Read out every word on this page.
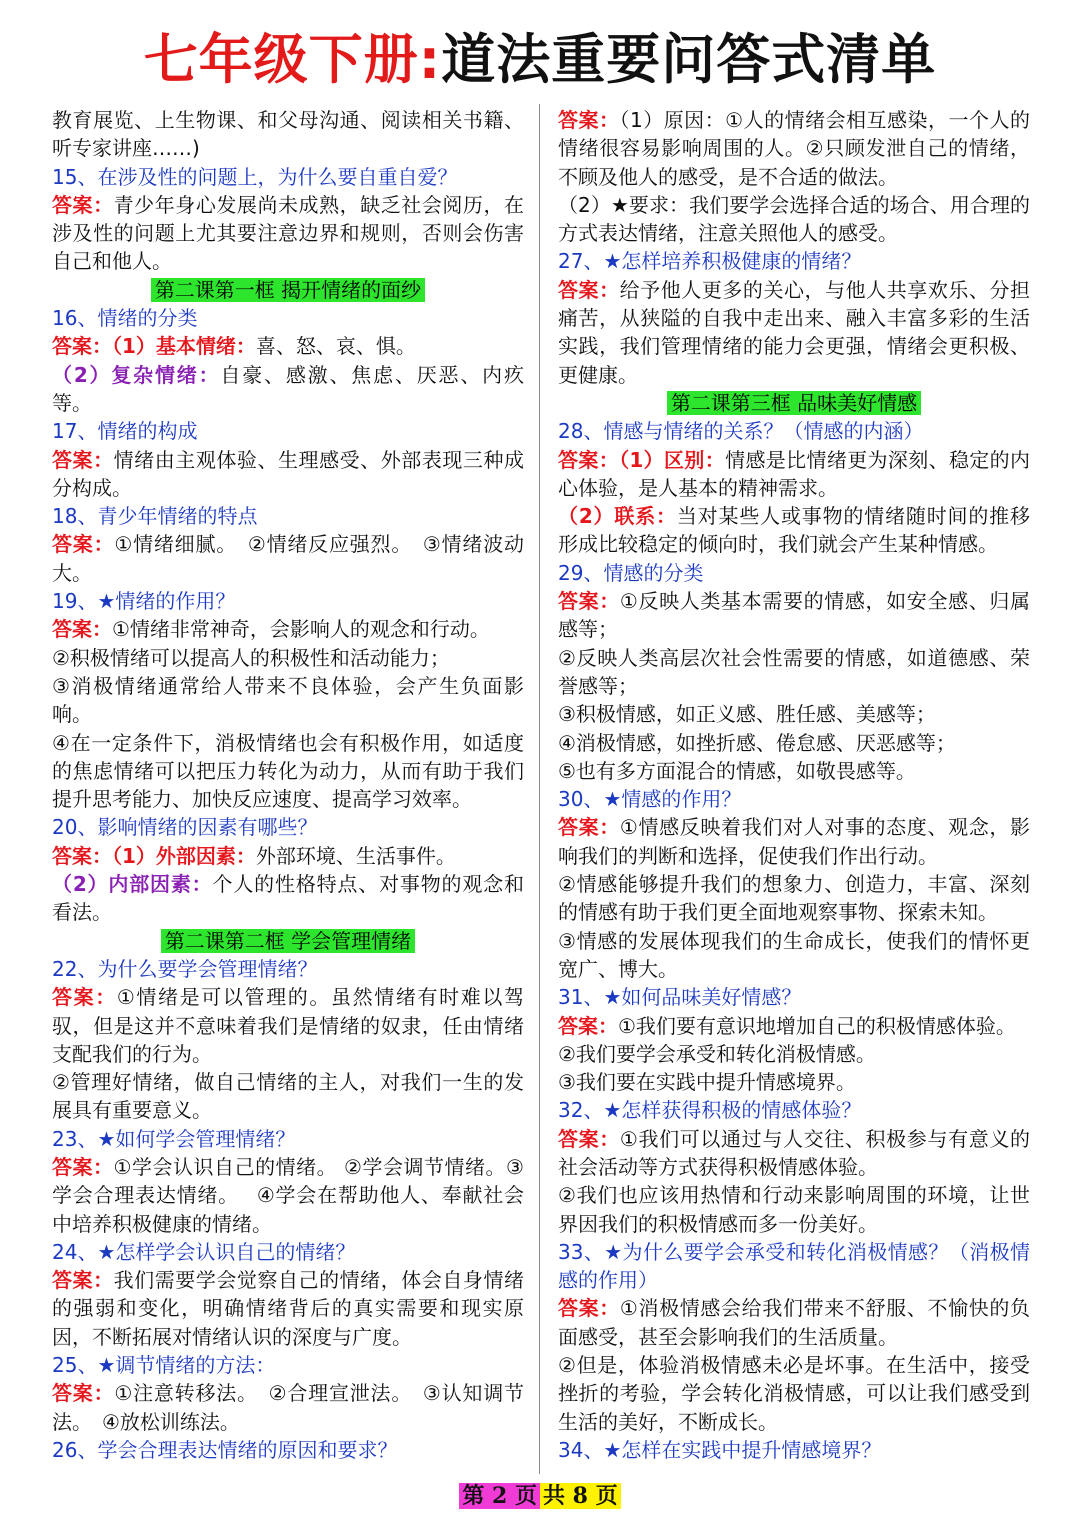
七年级下册:道法重要问答式清单

教育展览、上生物课、和父母沟通、阅读相关书籍、听专家讲座……)

15、在涉及性的问题上，为什么要自重自爱？

答案：青少年身心发展尚未成熟，缺乏社会阅历，在涉及性的问题上尤其要注意边界和规则，否则会伤害自己和他人。

第二课第一框 揭开情绪的面纱

16、情绪的分类

答案：（1）基本情绪：喜、怒、哀、惧。

（2）复杂情绪：自豪、感激、焦虑、厌恶、内疚等。

17、情绪的构成

答案：情绪由主观体验、生理感受、外部表现三种成分构成。

18、青少年情绪的特点

答案：①情绪细腻。　②情绪反应强烈。　③情绪波动大。

19、★情绪的作用？

答案：①情绪非常神奇，会影响人的观念和行动。

②积极情绪可以提高人的积极性和活动能力；

③消极情绪通常给人带来不良体验，会产生负面影响。

④在一定条件下，消极情绪也会有积极作用，如适度的焦虑情绪可以把压力转化为动力，从而有助于我们提升思考能力、加快反应速度、提高学习效率。

20、影响情绪的因素有哪些？

答案：（1）外部因素：外部环境、生活事件。

（2）内部因素：个人的性格特点、对事物的观念和看法。

第二课第二框 学会管理情绪

22、为什么要学会管理情绪？

答案：①情绪是可以管理的。虽然情绪有时难以驾驭，但是这并不意味着我们是情绪的奴隶，任由情绪支配我们的行为。

②管理好情绪，做自己情绪的主人，对我们一生的发展具有重要意义。

23、★如何学会管理情绪？

答案：①学会认识自己的情绪。 ②学会调节情绪。③学会合理表达情绪。　 ④学会在帮助他人、奉献社会中培养积极健康的情绪。

24、★怎样学会认识自己的情绪？

答案：我们需要学会觉察自己的情绪，体会自身情绪的强弱和变化，明确情绪背后的真实需要和现实原因，不断拓展对情绪认识的深度与广度。

25、★调节情绪的方法：

答案：①注意转移法。　②合理宣泄法。　③认知调节法。　④放松训练法。

26、学会合理表达情绪的原因和要求？

答案：（1）原因：①人的情绪会相互感染，一个人的情绪很容易影响周围的人。②只顾发泄自己的情绪，不顾及他人的感受，是不合适的做法。

（2）★要求：我们要学会选择合适的场合、用合理的方式表达情绪，注意关照他人的感受。

27、★怎样培养积极健康的情绪？

答案：给予他人更多的关心，与他人共享欢乐、分担痛苦，从狭隘的自我中走出来、融入丰富多彩的生活实践，我们管理情绪的能力会更强，情绪会更积极、更健康。

第二课第三框 品味美好情感

28、情感与情绪的关系？（情感的内涵）

答案：（1）区别：情感是比情绪更为深刻、稳定的内心体验，是人基本的精神需求。

（2）联系：当对某些人或事物的情绪随时间的推移形成比较稳定的倾向时，我们就会产生某种情感。

29、情感的分类

答案：①反映人类基本需要的情感，如安全感、归属感等；

②反映人类高层次社会性需要的情感，如道德感、荣誉感等；

③积极情感，如正义感、胜任感、美感等；

④消极情感，如挫折感、倦怠感、厌恶感等；

⑤也有多方面混合的情感，如敬畏感等。

30、★情感的作用？

答案：①情感反映着我们对人对事的态度、观念，影响我们的判断和选择，促使我们作出行动。

②情感能够提升我们的想象力、创造力，丰富、深刻的情感有助于我们更全面地观察事物、探索未知。

③情感的发展体现我们的生命成长，使我们的情怀更宽广、博大。

31、★如何品味美好情感？

答案：①我们要有意识地增加自己的积极情感体验。

②我们要学会承受和转化消极情感。

③我们要在实践中提升情感境界。

32、★怎样获得积极的情感体验？

答案：①我们可以通过与人交往、积极参与有意义的社会活动等方式获得积极情感体验。

②我们也应该用热情和行动来影响周围的环境，让世界因我们的积极情感而多一份美好。

33、★为什么要学会承受和转化消极情感？（消极情感的作用）

答案：①消极情感会给我们带来不舒服、不愉快的负面感受，甚至会影响我们的生活质量。

②但是，体验消极情感未必是坏事。在生活中，接受挫折的考验，学会转化消极情感，可以让我们感受到生活的美好，不断成长。

34、★怎样在实践中提升情感境界？

第 2 页 共 8 页
